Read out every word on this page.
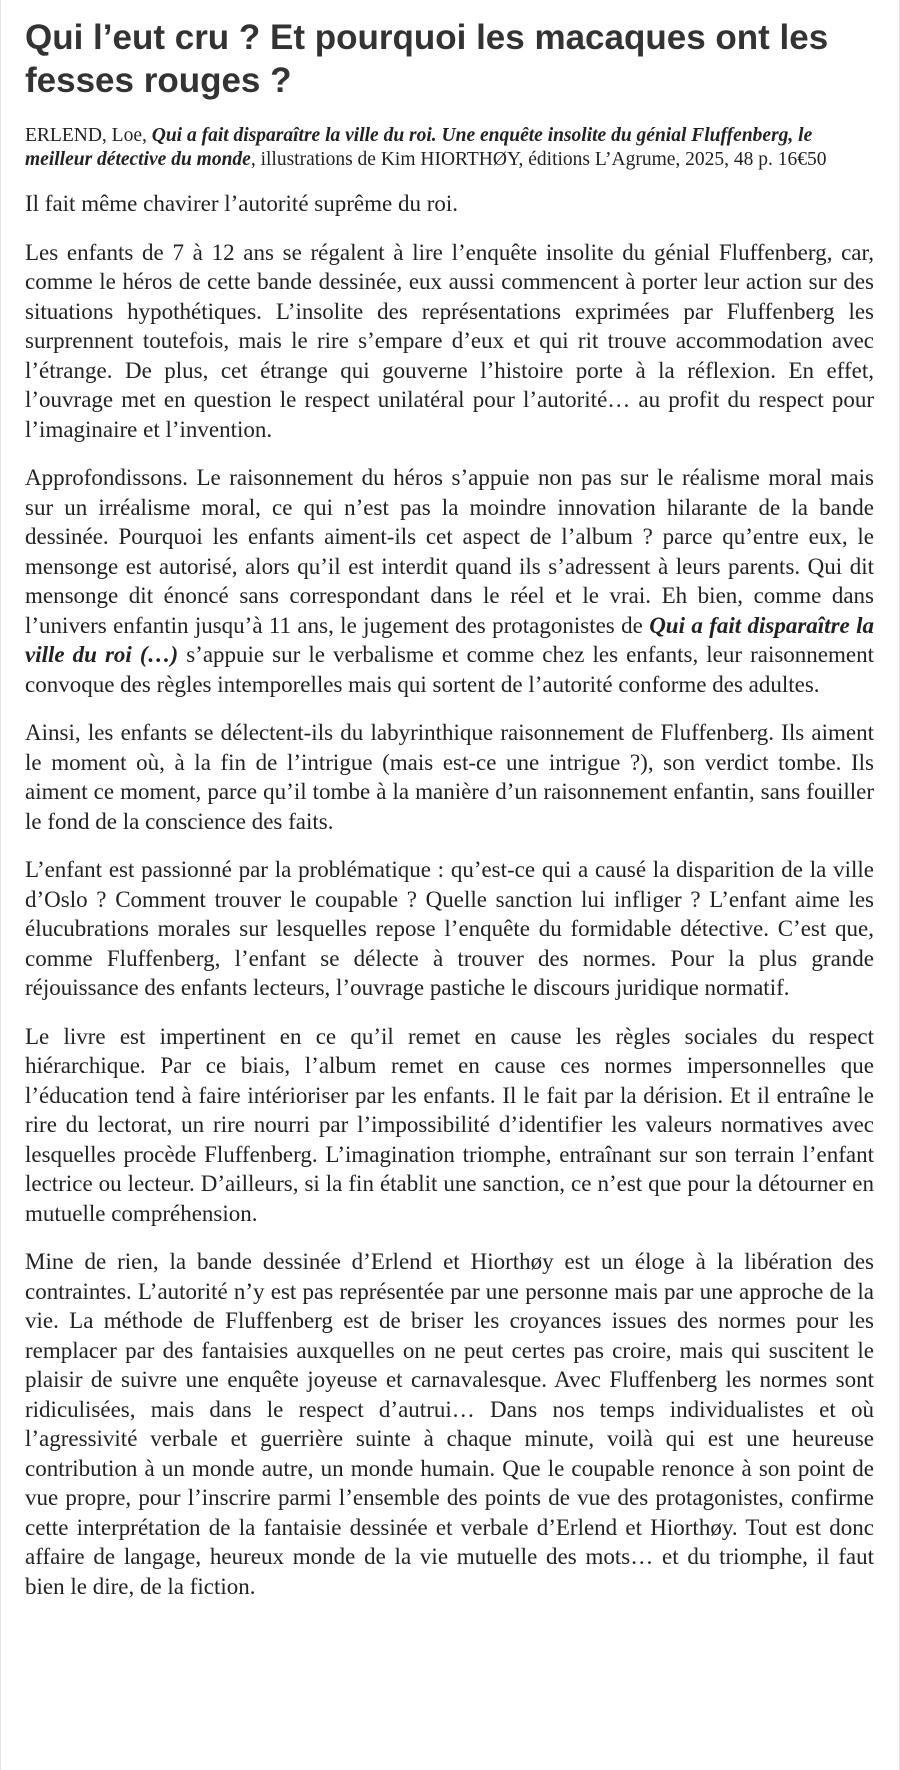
Qui l’eut cru ? Et pourquoi les macaques ont les fesses rouges ?

ERLEND, Loe, Qui a fait disparaître la ville du roi. Une enquête insolite du génial Fluffenberg, le meilleur détective du monde, illustrations de Kim HIORTHØY, éditions L’Agrume, 2025, 48 p. 16€50

Il fait même chavirer l’autorité suprême du roi.

Les enfants de 7 à 12 ans se régalent à lire l’enquête insolite du génial Fluffenberg, car, comme le héros de cette bande dessinée, eux aussi commencent à porter leur action sur des situations hypothétiques. L’insolite des représentations exprimées par Fluffenberg les surprennent toutefois, mais le rire s’empare d’eux et qui rit trouve accommodation avec l’étrange. De plus, cet étrange qui gouverne l’histoire porte à la réflexion. En effet, l’ouvrage met en question le respect unilatéral pour l’autorité… au profit du respect pour l’imaginaire et l’invention.

Approfondissons. Le raisonnement du héros s’appuie non pas sur le réalisme moral mais sur un irréalisme moral, ce qui n’est pas la moindre innovation hilarante de la bande dessinée. Pourquoi les enfants aiment-ils cet aspect de l’album ? parce qu’entre eux, le mensonge est autorisé, alors qu’il est interdit quand ils s’adressent à leurs parents. Qui dit mensonge dit énoncé sans correspondant dans le réel et le vrai. Eh bien, comme dans l’univers enfantin jusqu’à 11 ans, le jugement des protagonistes de Qui a fait disparaître la ville du roi (…) s’appuie sur le verbalisme et comme chez les enfants, leur raisonnement convoque des règles intemporelles mais qui sortent de l’autorité conforme des adultes.

Ainsi, les enfants se délectent-ils du labyrinthique raisonnement de Fluffenberg. Ils aiment le moment où, à la fin de l’intrigue (mais est-ce une intrigue ?), son verdict tombe. Ils aiment ce moment, parce qu’il tombe à la manière d’un raisonnement enfantin, sans fouiller le fond de la conscience des faits.

L’enfant est passionné par la problématique : qu’est-ce qui a causé la disparition de la ville d’Oslo ? Comment trouver le coupable ? Quelle sanction lui infliger ? L’enfant aime les élucubrations morales sur lesquelles repose l’enquête du formidable détective. C’est que, comme Fluffenberg, l’enfant se délecte à trouver des normes. Pour la plus grande réjouissance des enfants lecteurs, l’ouvrage pastiche le discours juridique normatif.

Le livre est impertinent en ce qu’il remet en cause les règles sociales du respect hiérarchique. Par ce biais, l’album remet en cause ces normes impersonnelles que l’éducation tend à faire intérioriser par les enfants. Il le fait par la dérision. Et il entraîne le rire du lectorat, un rire nourri par l’impossibilité d’identifier les valeurs normatives avec lesquelles procède Fluffenberg. L’imagination triomphe, entraînant sur son terrain l’enfant lectrice ou lecteur. D’ailleurs, si la fin établit une sanction, ce n’est que pour la détourner en mutuelle compréhension.

Mine de rien, la bande dessinée d’Erlend et Hiorthøy est un éloge à la libération des contraintes. L’autorité n’y est pas représentée par une personne mais par une approche de la vie. La méthode de Fluffenberg est de briser les croyances issues des normes pour les remplacer par des fantaisies auxquelles on ne peut certes pas croire, mais qui suscitent le plaisir de suivre une enquête joyeuse et carnavalesque. Avec Fluffenberg les normes sont ridiculisées, mais dans le respect d’autrui… Dans nos temps individualistes et où l’agressivité verbale et guerrière suinte à chaque minute, voilà qui est une heureuse contribution à un monde autre, un monde humain. Que le coupable renonce à son point de vue propre, pour l’inscrire parmi l’ensemble des points de vue des protagonistes, confirme cette interprétation de la fantaisie dessinée et verbale d’Erlend et Hiorthøy. Tout est donc affaire de langage, heureux monde de la vie mutuelle des mots… et du triomphe, il faut bien le dire, de la fiction.
